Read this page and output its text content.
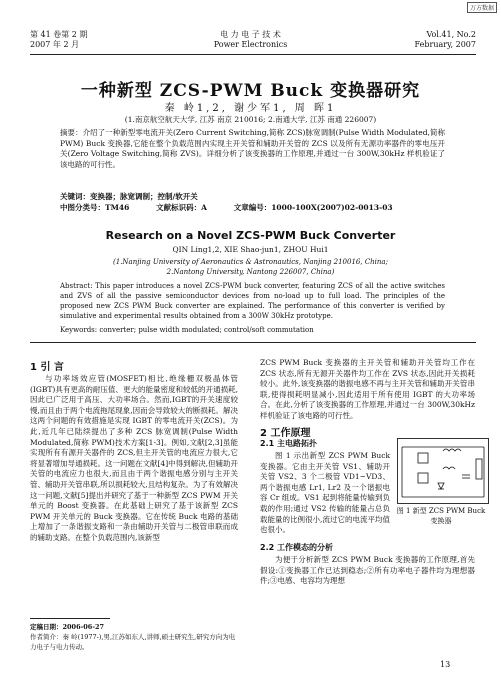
万方数据
第 41 卷第 2 期
2007 年 2 月
电 力 电 子 技 术
Power Electronics
Vol.41, No.2
February, 2007
一种新型 ZCS-PWM Buck 变换器研究
秦 岭1,2, 谢少军1, 周 晖1
(1.南京航空航天大学, 江苏 南京 210016; 2.南通大学, 江苏 南通 226007)
摘要：介绍了一种新型零电流开关(Zero Current Switching,简称 ZCS)脉宽调制(Pulse Width Modulated,简称 PWM) Buck 变换器,它能在整个负载范围内实现主开关管和辅助开关管的 ZCS 以及所有无源功率器件的零电压开关(Zero Voltage Switching,简称 ZVS)。详细分析了该变换器的工作原理,并通过一台 300W,30kHz 样机验证了该电路的可行性。
关键词：变换器；脉宽调制；控制/软开关
中图分类号：TM46	文献标识码：A	文章编号：1000-100X(2007)02-0013-03
Research on a Novel ZCS-PWM Buck Converter
QIN Ling1,2, XIE Shao-jun1, ZHOU Hui1
(1.Nanjing University of Aeronautics & Astronautics, Nanjing 210016, China;
2.Nantong University, Nantong 226007, China)
Abstract: This paper introduces a novel ZCS-PWM buck converter, featuring ZCS of all the active switches and ZVS of all the passive semiconductor devices from no-load up to full load. The principles of the proposed new ZCS PWM Buck converter are explained. The performance of this converter is verified by simulative and experimental results obtained from a 300W 30kHz prototype.
Keywords: converter; pulse width modulated; control/soft commutation
1 引 言
与功率场效应管(MOSFET)相比,绝缘栅双极晶体管(IGBT)具有更高的耐压值、更大的能量密度和较低的开通损耗,因此已广泛用于高压、大功率场合。然而,IGBT的开关速度较慢,而且由于两个电流拖尾现象,因而会导致较大的断损耗。解决这两个问题的有效措施是实现 IGBT 的零电流开关(ZCS)。为此,近几年已陆续提出了多种 ZCS 脉宽调制(Pulse Width Modulated,简称 PWM)技术方案[1-3]。例如,文献[2,3]虽能实现所有有源开关器件的 ZCS,但主开关管的电流应力很大,它将显著增加导通损耗。这一问题在文献[4]中得到解决,但辅助开关管的电流应力也很大,而且由于两个谐振电感分别与主开关管、辅助开关管串联,所以损耗较大,且结构复杂。为了有效解决这一问题,文献[5]提出并研究了基于一种新型 ZCS PWM 开关单元的 Boost 变换器。在此基础上研究了基于该新型 ZCS PWM 开关单元的 Buck 变换器。它在传统 Buck 电路的基础上增加了一条谐振支路和一条由辅助开关管与二极管串联而成的辅助支路。在整个负载范围内,该新型
ZCS PWM Buck 变换器的主开关管和辅助开关管均工作在 ZCS 状态,所有无源开关器件均工作在 ZVS 状态,因此开关损耗较小。此外,该变换器的谐振电感不再与主开关管和辅助开关管串联,使得损耗明显减小,因此适用于所有使用 IGBT 的大功率场合。在此,分析了该变换器的工作原理,并通过一台 300W,30kHz 样机验证了该电路的可行性。
2 工作原理
2.1 主电路拓扑
图 1 示出新型 ZCS PWM Buck 变换器。它由主开关管 VS1、辅助开关管 VS2、3 个二极管 VD1~VD3、两个谐振电感 Lr1, Lr2 及一个谐振电容 Cr 组成。VS1 起到将能量传输到负载的作用;通过 VS2 传输的能量占总负载能量的比例很小,流过它的电流平均值也很小。
图 1 新型 ZCS PWM Buck 变换器
2.2 工作模态的分析
为便于分析新型 ZCS PWM Buck 变换器的工作原理,首先假设:①变换器工作已达到稳态;②所有功率电子器件均为理想器件;③电感、电容均为理想
定稿日期：2006-06-27
作者简介：秦 岭(1977-),男,江苏如东人,讲师,硕士研究生,研究方向为电力电子与电力传动。
13
